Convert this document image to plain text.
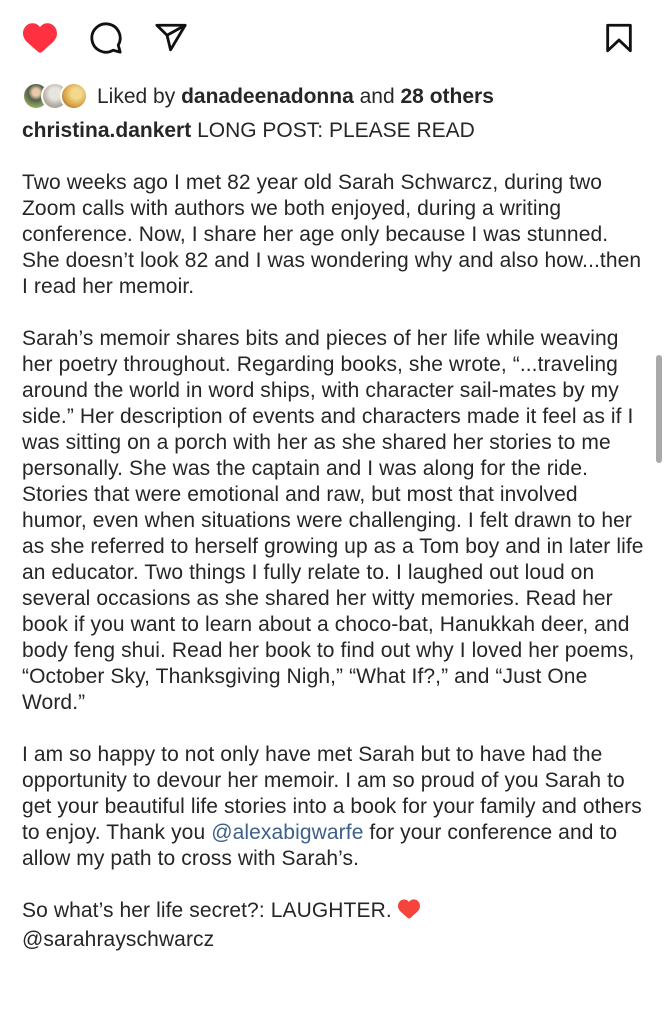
Liked by danadeenadonna and 28 others
christina.dankert LONG POST: PLEASE READ

Two weeks ago I met 82 year old Sarah Schwarcz, during two Zoom calls with authors we both enjoyed, during a writing conference. Now, I share her age only because I was stunned. She doesn’t look 82 and I was wondering why and also how...then I read her memoir.

Sarah’s memoir shares bits and pieces of her life while weaving her poetry throughout. Regarding books, she wrote, “...traveling around the world in word ships, with character sail-mates by my side.” Her description of events and characters made it feel as if I was sitting on a porch with her as she shared her stories to me personally. She was the captain and I was along for the ride. Stories that were emotional and raw, but most that involved humor, even when situations were challenging. I felt drawn to her as she referred to herself growing up as a Tom boy and in later life an educator. Two things I fully relate to. I laughed out loud on several occasions as she shared her witty memories. Read her book if you want to learn about a choco-bat, Hanukkah deer, and body feng shui. Read her book to find out why I loved her poems, “October Sky, Thanksgiving Nigh,” “What If?,” and “Just One Word.”

I am so happy to not only have met Sarah but to have had the opportunity to devour her memoir. I am so proud of you Sarah to get your beautiful life stories into a book for your family and others to enjoy. Thank you @alexabigwarfe for your conference and to allow my path to cross with Sarah’s.

So what’s her life secret?: LAUGHTER.
@sarahrayschwarcz
